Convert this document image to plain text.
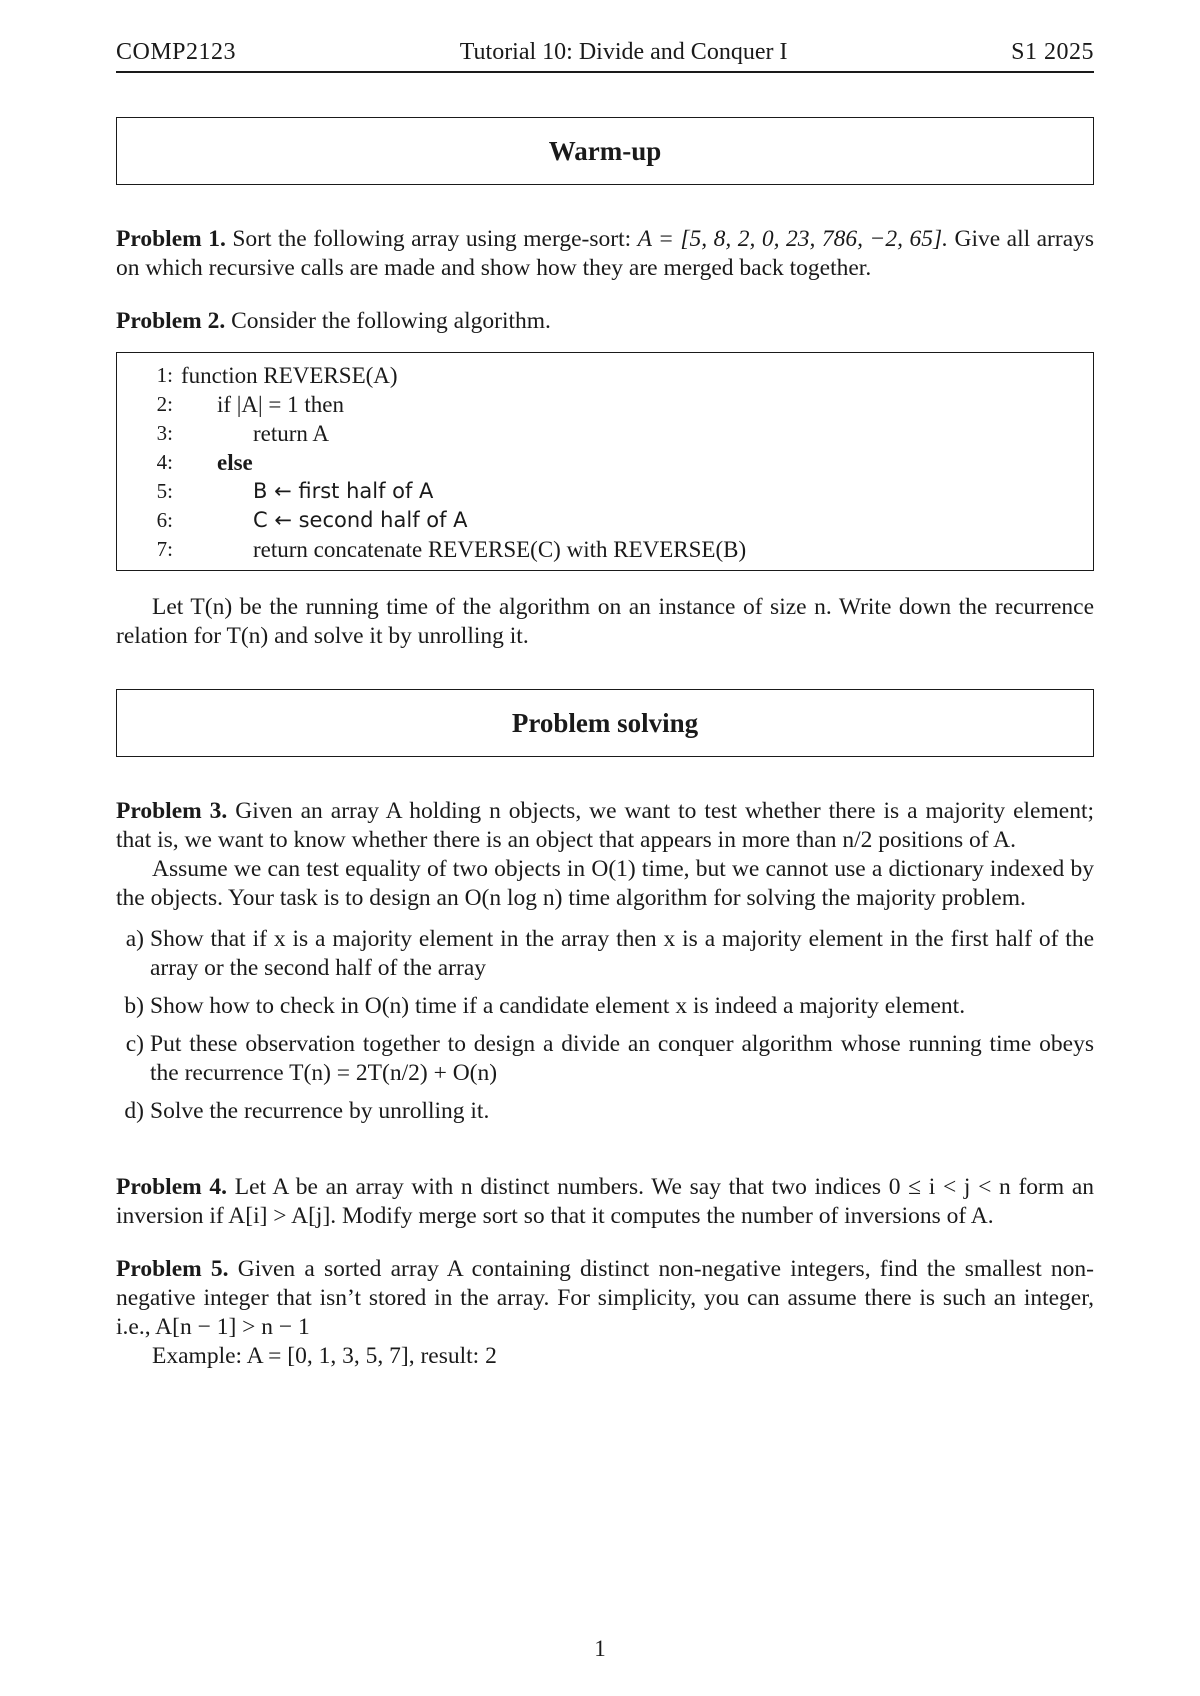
COMP2123	Tutorial 10: Divide and Conquer I	S1 2025
Warm-up

Problem 1. Sort the following array using merge-sort: A = [5, 8, 2, 0, 23, 786, −2, 65]. Give all arrays on which recursive calls are made and show how they are merged back together.

Problem 2. Consider the following algorithm.

1: function REVERSE(A)
2:	if |A| = 1 then
3:	return A
4:	else
5:	B ← first half of A
6:	C ← second half of A
7:	return concatenate REVERSE(C) with REVERSE(B)

Let T(n) be the running time of the algorithm on an instance of size n. Write down the recurrence relation for T(n) and solve it by unrolling it.

Problem solving

Problem 3. Given an array A holding n objects, we want to test whether there is a majority element; that is, we want to know whether there is an object that appears in more than n/2 positions of A.

Assume we can test equality of two objects in O(1) time, but we cannot use a dictionary indexed by the objects. Your task is to design an O(n log n) time algorithm for solving the majority problem.

a) Show that if x is a majority element in the array then x is a majority element in the first half of the array or the second half of the array
b) Show how to check in O(n) time if a candidate element x is indeed a majority element.
c) Put these observation together to design a divide an conquer algorithm whose running time obeys the recurrence T(n) = 2T(n/2) + O(n)
d) Solve the recurrence by unrolling it.

Problem 4. Let A be an array with n distinct numbers. We say that two indices 0 ≤ i < j < n form an inversion if A[i] > A[j]. Modify merge sort so that it computes the number of inversions of A.

Problem 5. Given a sorted array A containing distinct non-negative integers, find the smallest non-negative integer that isn’t stored in the array. For simplicity, you can assume there is such an integer, i.e., A[n − 1] > n − 1

Example: A = [0, 1, 3, 5, 7], result: 2

1
